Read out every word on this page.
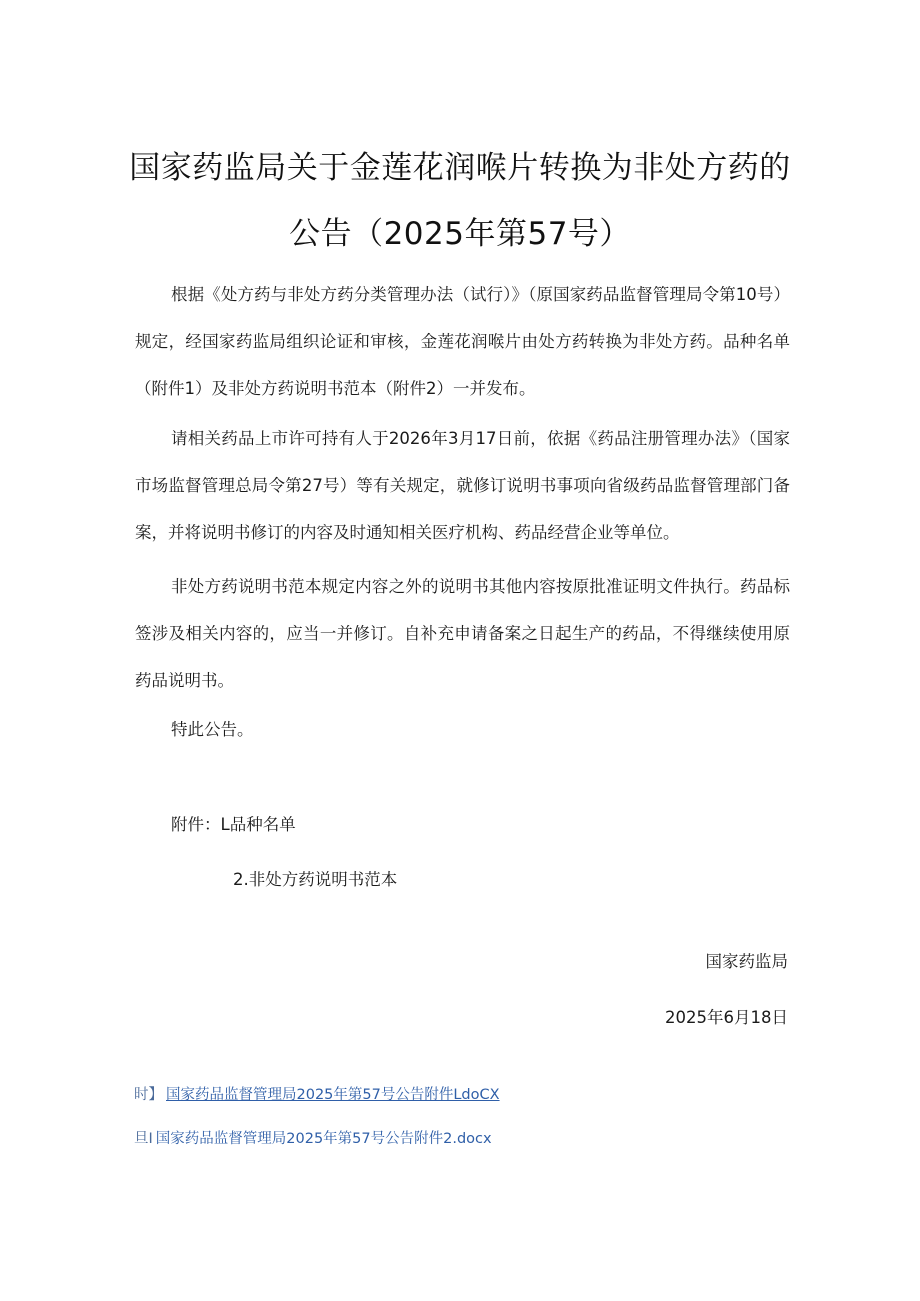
国家药监局关于金莲花润喉片转换为非处方药的
公告（2025年第57号）

根据《处方药与非处方药分类管理办法（试行）》（原国家药品监督管理局令第10号）规定，经国家药监局组织论证和审核，金莲花润喉片由处方药转换为非处方药。品种名单（附件1）及非处方药说明书范本（附件2）一并发布。

请相关药品上市许可持有人于2026年3月17日前，依据《药品注册管理办法》（国家市场监督管理总局令第27号）等有关规定，就修订说明书事项向省级药品监督管理部门备案，并将说明书修订的内容及时通知相关医疗机构、药品经营企业等单位。

非处方药说明书范本规定内容之外的说明书其他内容按原批准证明文件执行。药品标签涉及相关内容的，应当一并修订。自补充申请备案之日起生产的药品，不得继续使用原药品说明书。

特此公告。

附件：L品种名单
2.非处方药说明书范本
国家药监局
2025年6月18日
时】 国家药品监督管理局2025年第57号公告附件LdoCX
旦I 国家药品监督管理局2025年第57号公告附件2.docx
